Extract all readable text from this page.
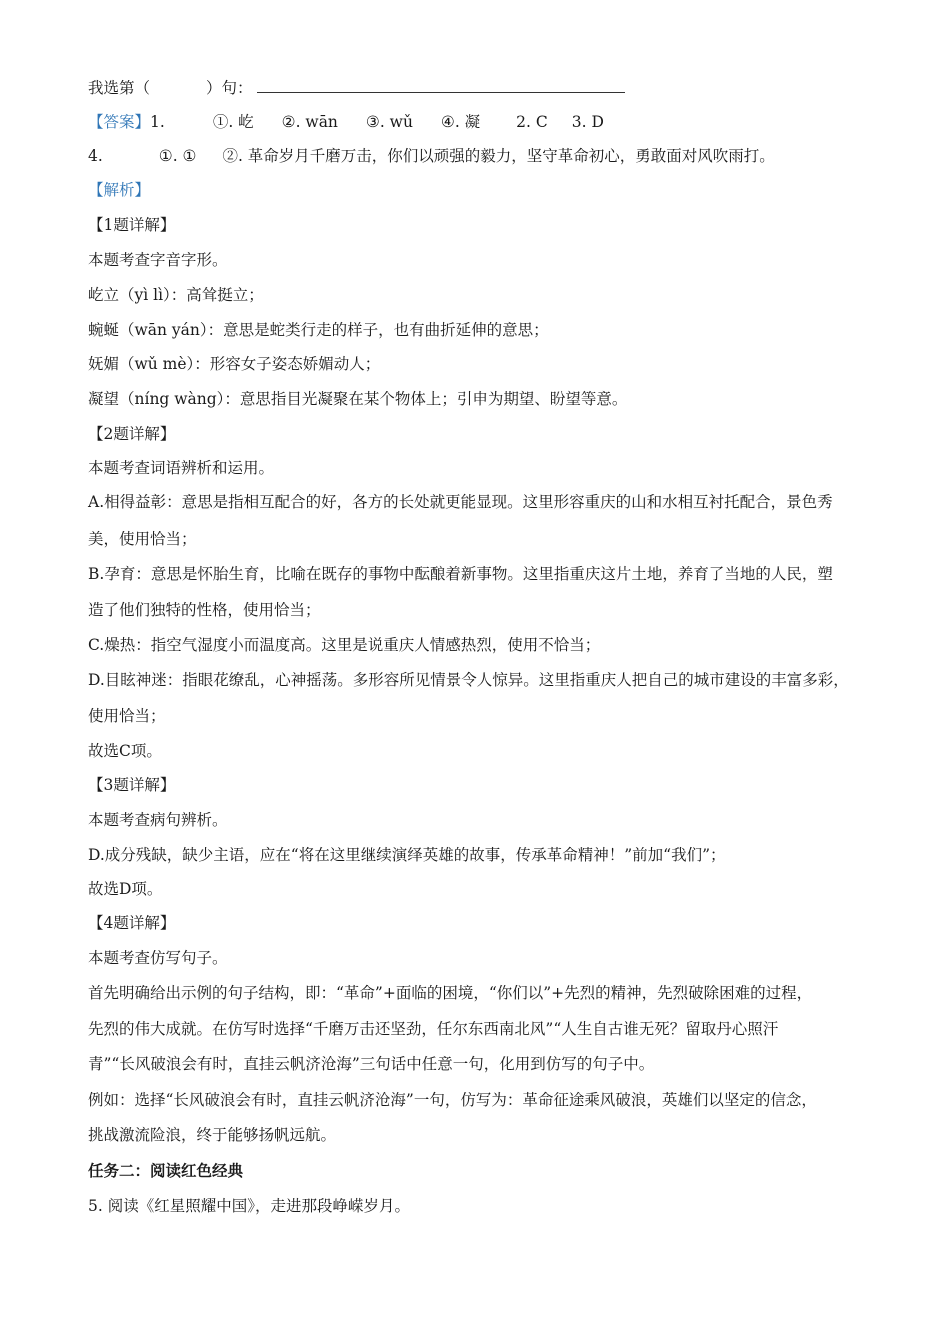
我选第（	）句：
【答案】1.	①. 屹 ②. wān ③. wǔ ④. 凝 2. C 3. D
4.	①. ① ②. 革命岁月千磨万击，你们以顽强的毅力，坚守革命初心，勇敢面对风吹雨打。
【解析】
【1题详解】
本题考查字音字形。
屹立（yì lì）：高耸挺立；
蜿蜒（wān yán）：意思是蛇类行走的样子，也有曲折延伸的意思；
妩媚（wǔ mè）：形容女子姿态娇媚动人；
凝望（níng wàng）：意思指目光凝聚在某个物体上；引申为期望、盼望等意。
【2题详解】
本题考查词语辨析和运用。
A.相得益彰：意思是指相互配合的好，各方的长处就更能显现。这里形容重庆的山和水相互衬托配合，景色秀
美，使用恰当；
B.孕育：意思是怀胎生育，比喻在既存的事物中酝酿着新事物。这里指重庆这片土地，养育了当地的人民，塑
造了他们独特的性格，使用恰当；
C.燥热：指空气湿度小而温度高。这里是说重庆人情感热烈，使用不恰当；
D.目眩神迷：指眼花缭乱，心神摇荡。多形容所见情景令人惊异。这里指重庆人把自己的城市建设的丰富多彩，
使用恰当；
故选C项。
【3题详解】
本题考查病句辨析。
D.成分残缺，缺少主语，应在“将在这里继续演绎英雄的故事，传承革命精神！”前加“我们”；
故选D项。
【4题详解】
本题考查仿写句子。
首先明确给出示例的句子结构，即：“革命”+面临的困境，“你们以”+先烈的精神，先烈破除困难的过程，
先烈的伟大成就。在仿写时选择“千磨万击还坚劲，任尔东西南北风”“人生自古谁无死？留取丹心照汗
青”“长风破浪会有时，直挂云帆济沧海”三句话中任意一句，化用到仿写的句子中。
例如：选择“长风破浪会有时，直挂云帆济沧海”一句，仿写为：革命征途乘风破浪，英雄们以坚定的信念，
挑战激流险浪，终于能够扬帆远航。
任务二：阅读红色经典
5. 阅读《红星照耀中国》，走进那段峥嵘岁月。
